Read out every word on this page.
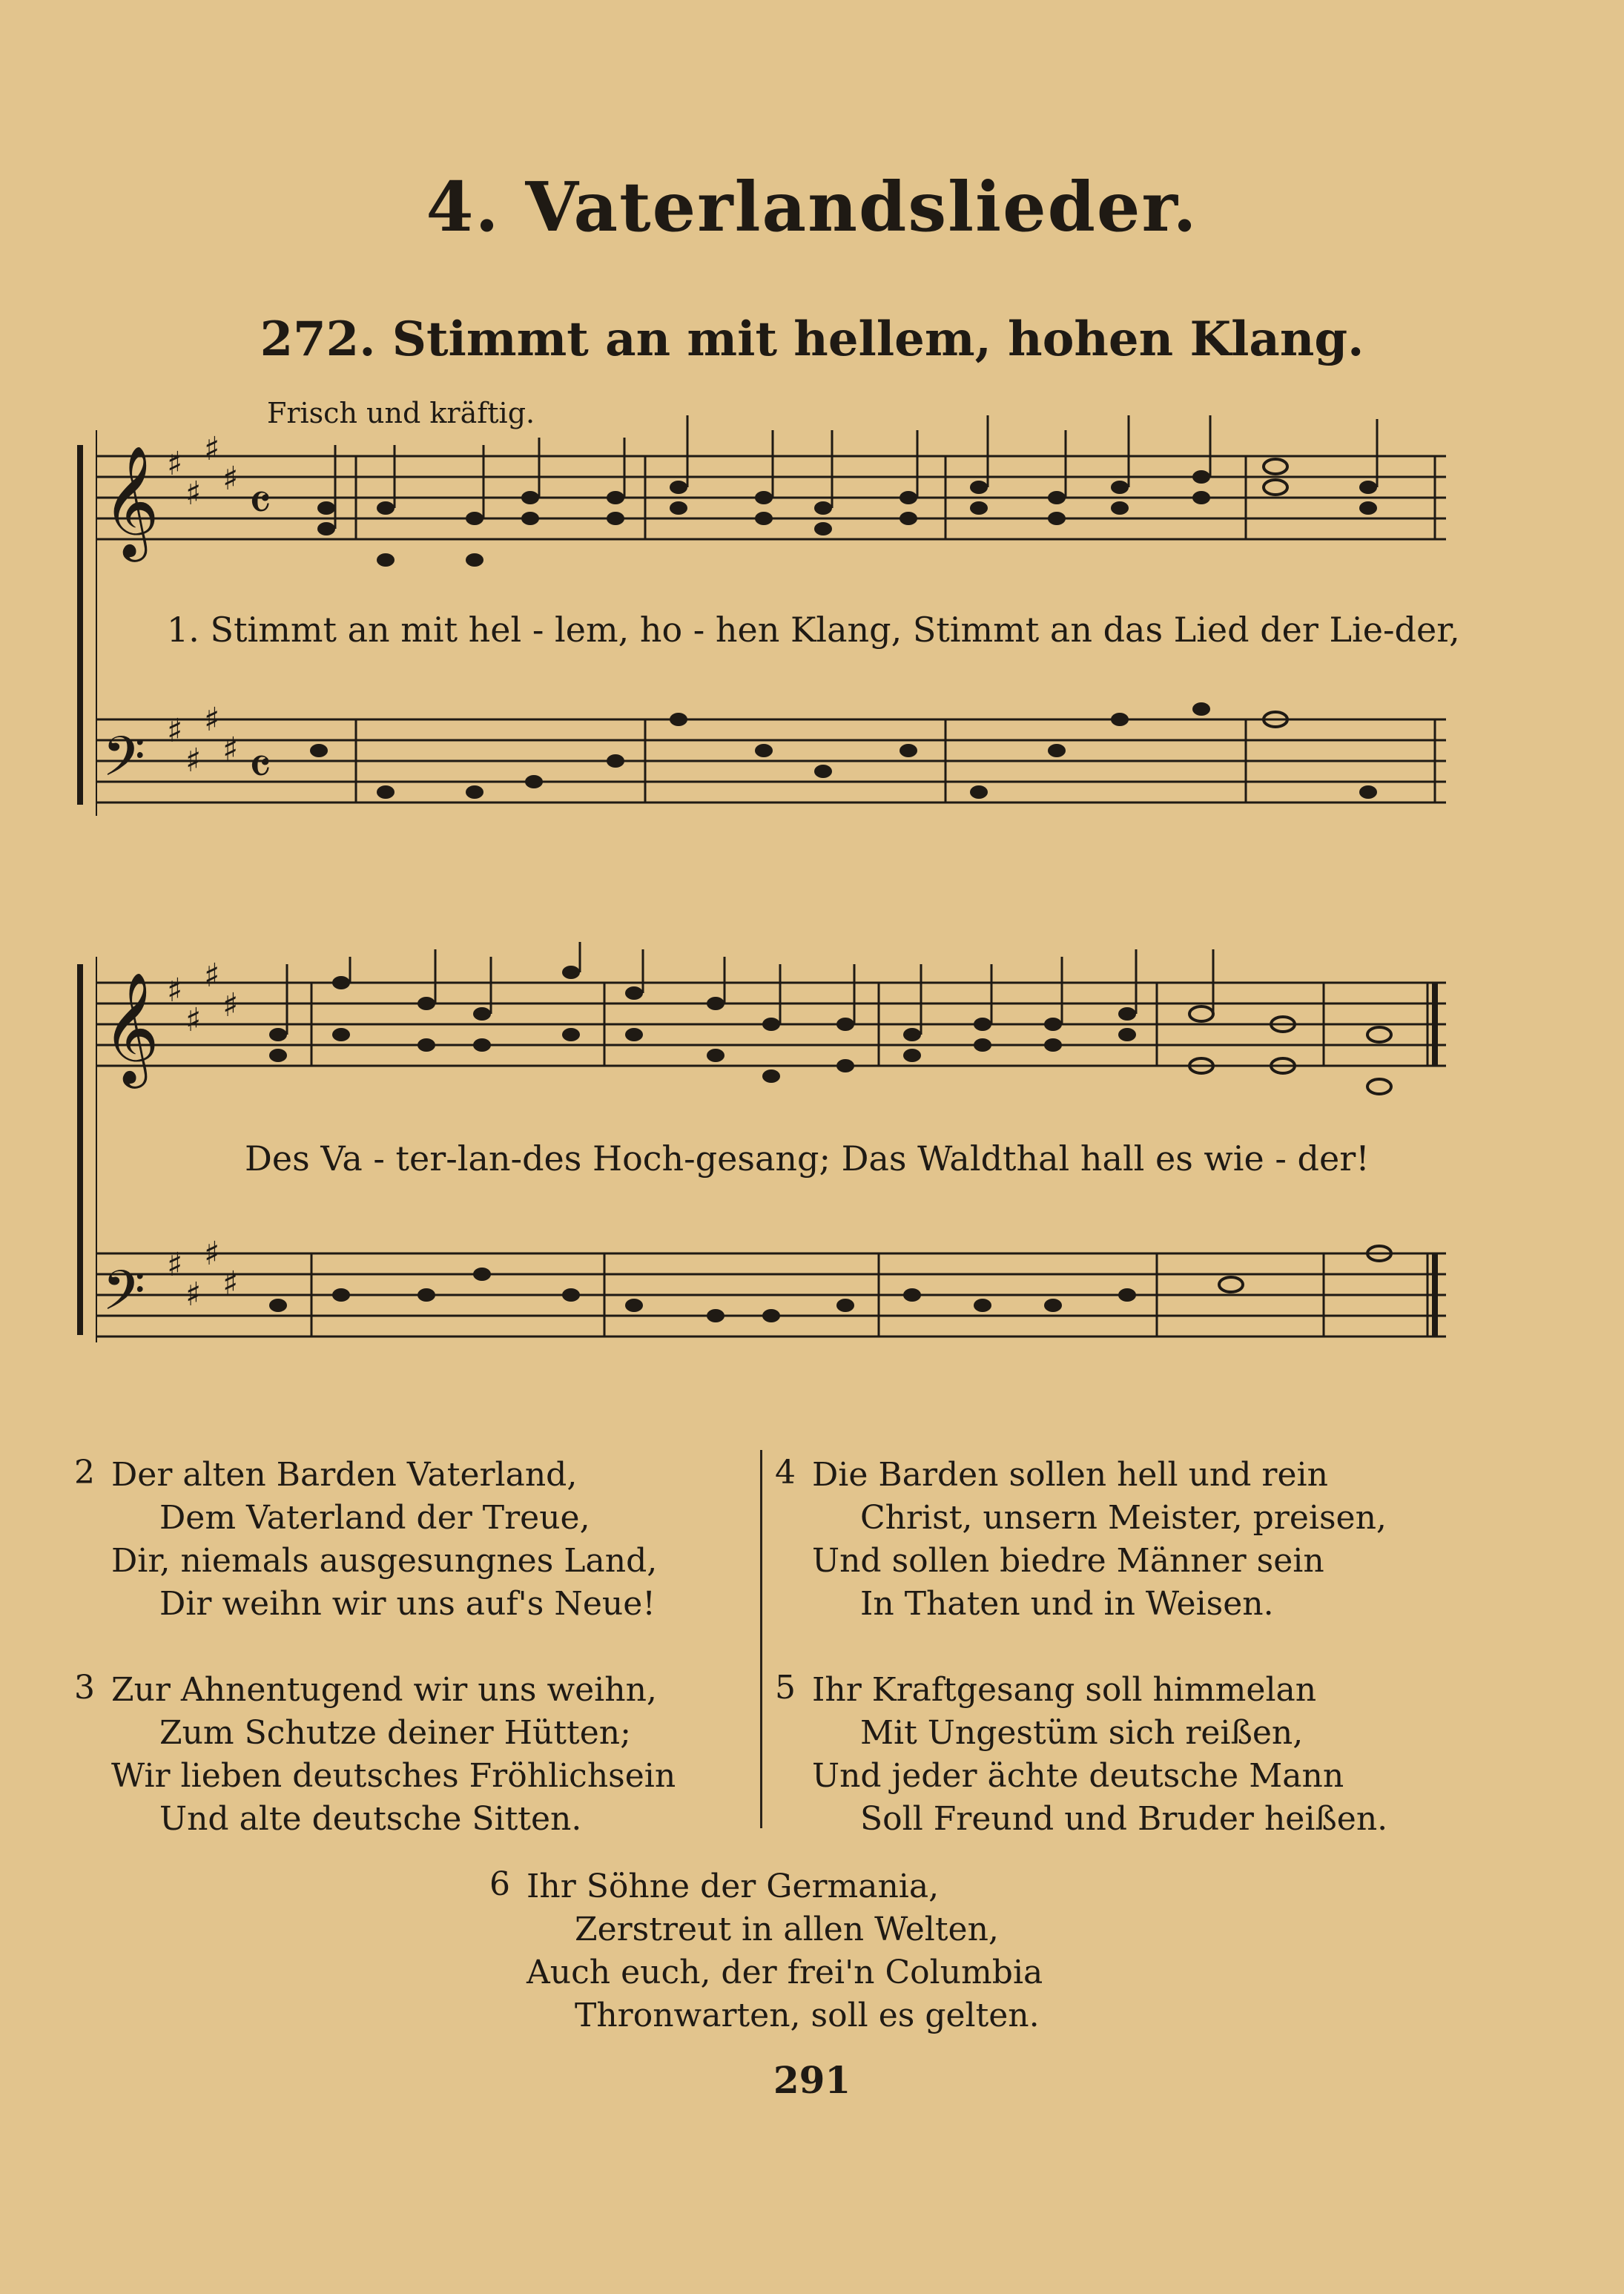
4. Vaterlandslieder.
272. Stimmt an mit hellem, hohen Klang.
Frisch und kräftig.
𝄞
𝄢
𝄞
𝄢
♯
♯
♯
♯
♯
♯
♯
♯
♯
♯
♯
♯
♯
♯
♯
♯
𝄴
𝄴
1. Stimmt an mit hel - lem, ho - hen Klang, Stimmt an das Lied der Lie-der,
Des Va - ter-lan-des Hoch-gesang; Das Waldthal hall es wie - der!
2 Der alten Barden Vaterland,
Dem Vaterland der Treue,
Dir, niemals ausgesungnes Land,
Dir weihn wir uns auf's Neue!
3 Zur Ahnentugend wir uns weihn,
Zum Schutze deiner Hütten;
Wir lieben deutsches Fröhlichsein
Und alte deutsche Sitten.
4 Die Barden sollen hell und rein
Christ, unsern Meister, preisen,
Und sollen biedre Männer sein
In Thaten und in Weisen.
5 Ihr Kraftgesang soll himmelan
Mit Ungestüm sich reißen,
Und jeder ächte deutsche Mann
Soll Freund und Bruder heißen.
6 Ihr Söhne der Germania,
Zerstreut in allen Welten,
Auch euch, der frei'n Columbia
Thronwarten, soll es gelten.
291
